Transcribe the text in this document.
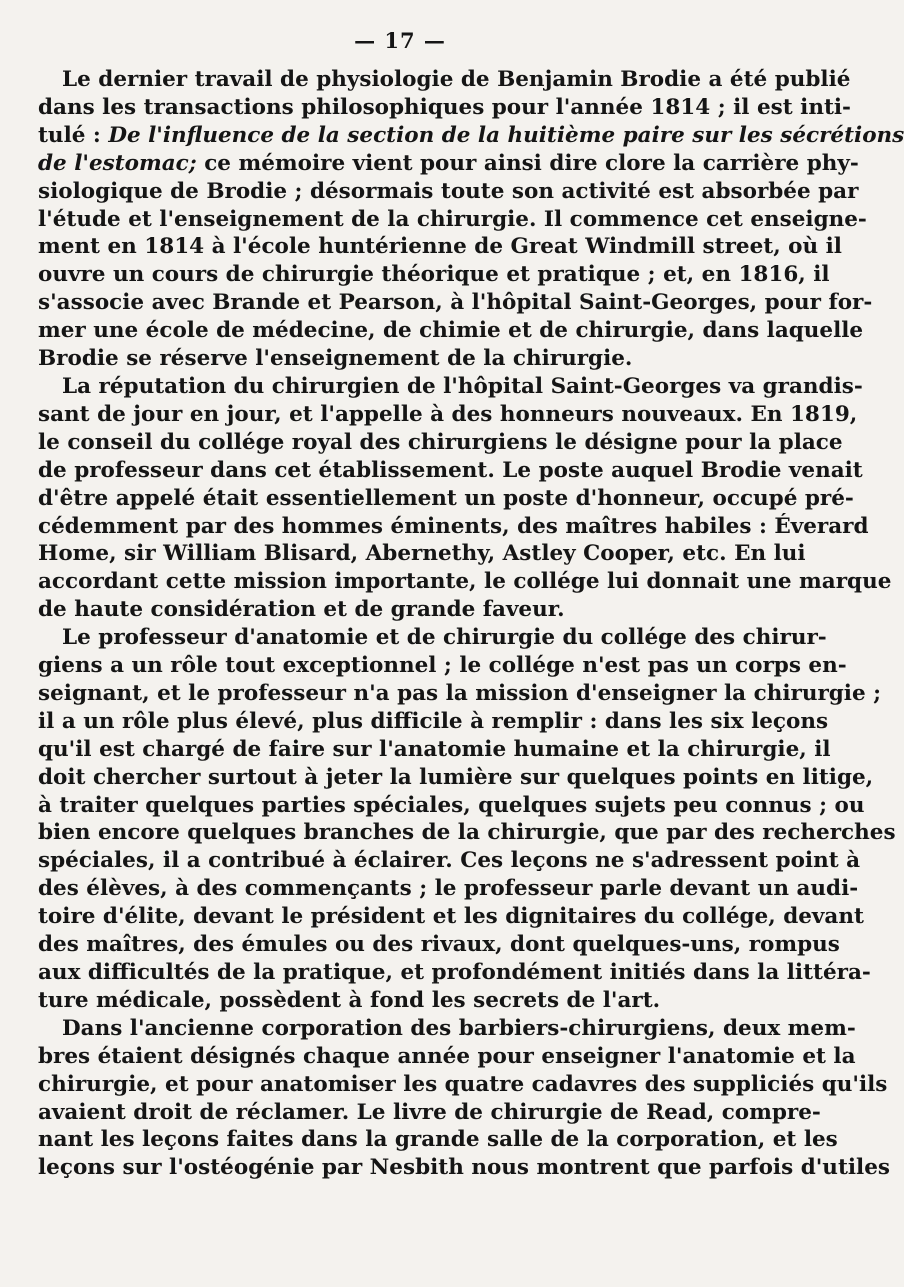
— 17 —
Le dernier travail de physiologie de Benjamin Brodie a été publié
dans les transactions philosophiques pour l'année 1814 ; il est inti-
tulé : De l'influence de la section de la huitième paire sur les sécrétions
de l'estomac; ce mémoire vient pour ainsi dire clore la carrière phy-
siologique de Brodie ; désormais toute son activité est absorbée par
l'étude et l'enseignement de la chirurgie. Il commence cet enseigne-
ment en 1814 à l'école huntérienne de Great Windmill street, où il
ouvre un cours de chirurgie théorique et pratique ; et, en 1816, il
s'associe avec Brande et Pearson, à l'hôpital Saint-Georges, pour for-
mer une école de médecine, de chimie et de chirurgie, dans laquelle
Brodie se réserve l'enseignement de la chirurgie.
La réputation du chirurgien de l'hôpital Saint-Georges va grandis-
sant de jour en jour, et l'appelle à des honneurs nouveaux. En 1819,
le conseil du collége royal des chirurgiens le désigne pour la place
de professeur dans cet établissement. Le poste auquel Brodie venait
d'être appelé était essentiellement un poste d'honneur, occupé pré-
cédemment par des hommes éminents, des maîtres habiles : Éverard
Home, sir William Blisard, Abernethy, Astley Cooper, etc. En lui
accordant cette mission importante, le collége lui donnait une marque
de haute considération et de grande faveur.
Le professeur d'anatomie et de chirurgie du collége des chirur-
giens a un rôle tout exceptionnel ; le collége n'est pas un corps en-
seignant, et le professeur n'a pas la mission d'enseigner la chirurgie ;
il a un rôle plus élevé, plus difficile à remplir : dans les six leçons
qu'il est chargé de faire sur l'anatomie humaine et la chirurgie, il
doit chercher surtout à jeter la lumière sur quelques points en litige,
à traiter quelques parties spéciales, quelques sujets peu connus ; ou
bien encore quelques branches de la chirurgie, que par des recherches
spéciales, il a contribué à éclairer. Ces leçons ne s'adressent point à
des élèves, à des commençants ; le professeur parle devant un audi-
toire d'élite, devant le président et les dignitaires du collége, devant
des maîtres, des émules ou des rivaux, dont quelques-uns, rompus
aux difficultés de la pratique, et profondément initiés dans la littéra-
ture médicale, possèdent à fond les secrets de l'art.
Dans l'ancienne corporation des barbiers-chirurgiens, deux mem-
bres étaient désignés chaque année pour enseigner l'anatomie et la
chirurgie, et pour anatomiser les quatre cadavres des suppliciés qu'ils
avaient droit de réclamer. Le livre de chirurgie de Read, compre-
nant les leçons faites dans la grande salle de la corporation, et les
leçons sur l'ostéogénie par Nesbith nous montrent que parfois d'utiles
